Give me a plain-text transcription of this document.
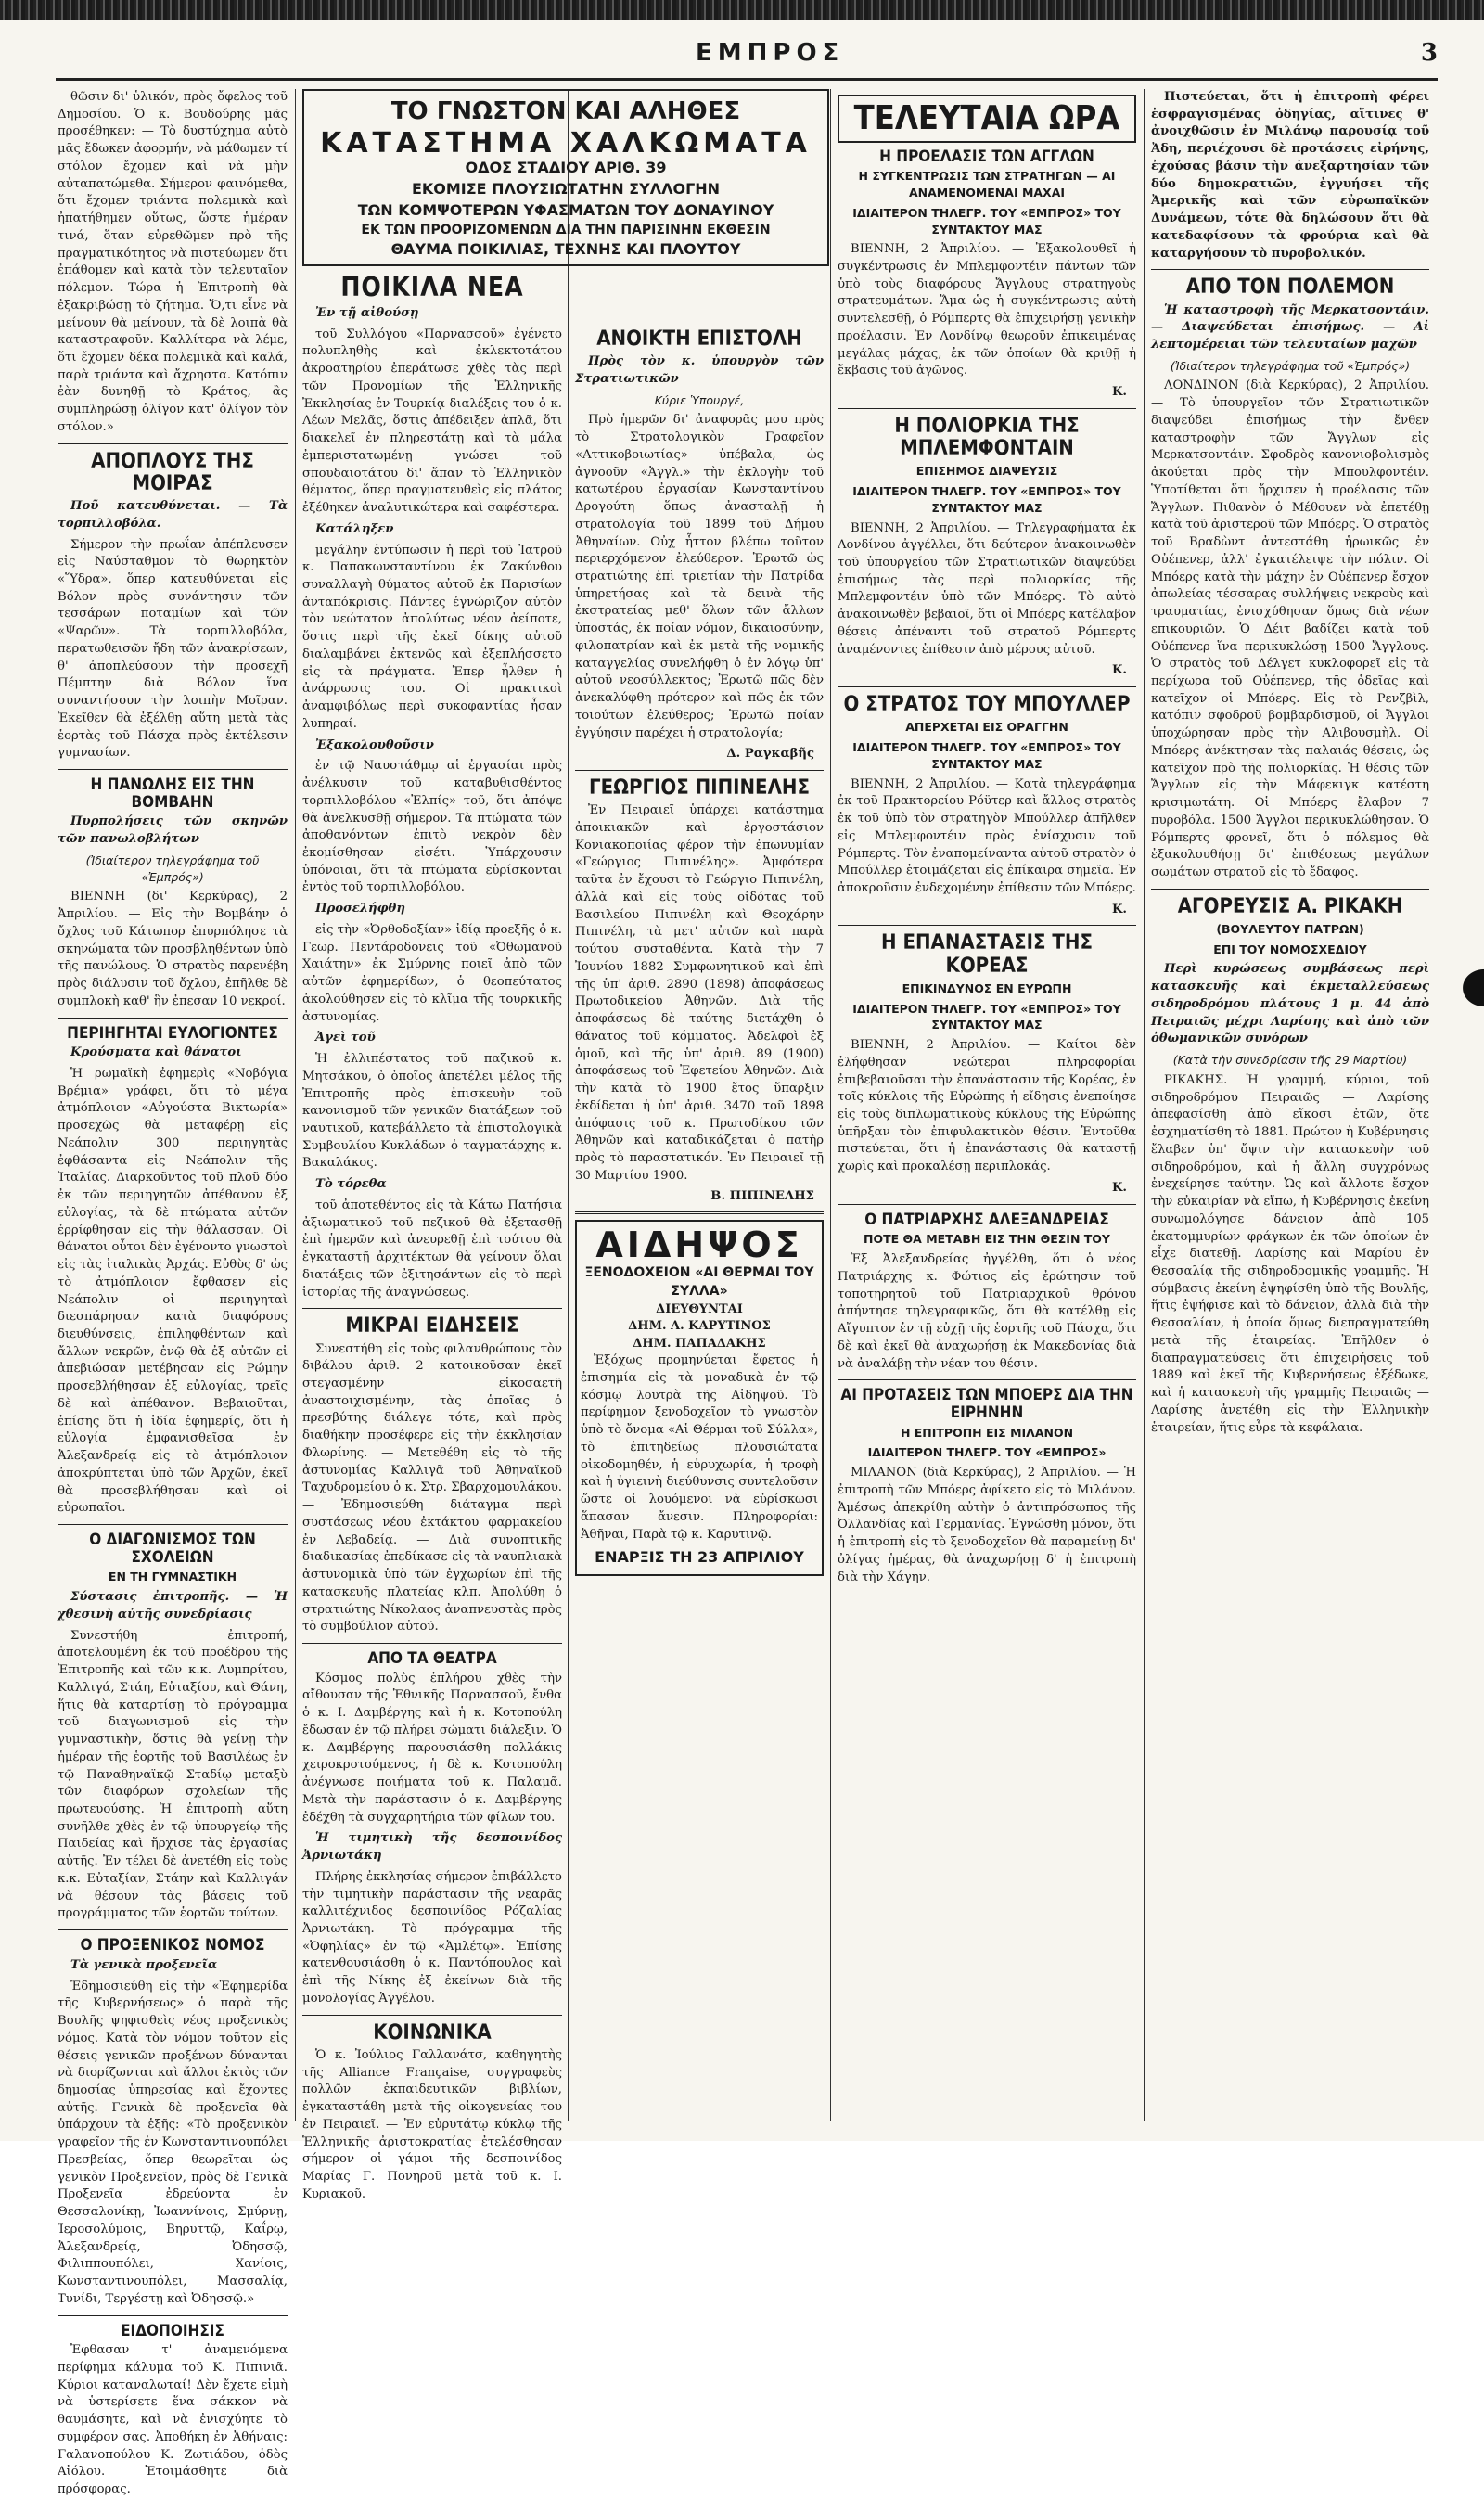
ΕΜΠΡΟΣ	3

θῶσιν δι' ὑλικόν, πρὸς ὄφελος τοῦ Δημοσίου. Ὁ κ. Βουδούρης μᾶς προσέθηκεν: — Τὸ δυστύχημα αὐτὸ μᾶς ἔδωκεν ἀφορμήν, νὰ μάθωμεν τί στόλον ἔχομεν καὶ νὰ μὴν αὐταπατώμεθα. Σήμερον φαινόμεθα, ὅτι ἔχομεν τριάντα πολεμικὰ καὶ ἠπατήθημεν οὕτως, ὥστε ἡμέραν τινά, ὅταν εὑρεθῶμεν πρὸ τῆς πραγματικότητος νὰ πιστεύωμεν ὅτι ἐπάθομεν καὶ κατὰ τὸν τελευταῖον πόλεμον. Τώρα ἡ Ἐπιτροπὴ θὰ ἐξακριβώσῃ τὸ ζήτημα. Ὅ,τι εἶνε νὰ μείνουν θὰ μείνουν, τὰ δὲ λοιπὰ θὰ καταστραφοῦν. Καλλίτερα νὰ λέμε, ὅτι ἔχομεν δέκα πολεμικὰ καὶ καλά, παρὰ τριάντα καὶ ἄχρηστα. Κατόπιν ἐὰν δυνηθῇ τὸ Κράτος, ἂς συμπληρώσῃ ὀλίγον κατ' ὀλίγον τὸν στόλον.»

ΑΠΟΠΛΟΥΣ ΤΗΣ ΜΟΙΡΑΣ

Ποῦ κατευθύνεται. — Τὰ τορπιλλοβόλα.

Σήμερον τὴν πρωΐαν ἀπέπλευσεν εἰς Ναύσταθμον τὸ θωρηκτὸν «Ὕδρα», ὅπερ κατευθύνεται εἰς Βόλον πρὸς συνάντησιν τῶν τεσσάρων ποταμίων καὶ τῶν «Ψαρῶν». Τὰ τορπιλλοβόλα, περατωθεισῶν ἤδη τῶν ἀνακρίσεων, θ' ἀποπλεύσουν τὴν προσεχῆ Πέμπτην διὰ Βόλον ἵνα συναντήσουν τὴν λοιπὴν Μοῖραν. Ἐκεῖθεν θὰ ἐξέλθῃ αὕτη μετὰ τὰς ἑορτὰς τοῦ Πάσχα πρὸς ἐκτέλεσιν γυμνασίων.

Η ΠΑΝΩΛΗΣ ΕΙΣ ΤΗΝ ΒΟΜΒΑΗΝ

Πυρπολήσεις τῶν σκηνῶν τῶν πανωλοβλήτων

(Ἰδιαίτερον τηλεγράφημα τοῦ «Ἐμπρός»)

ΒΙΕΝΝΗ (δι' Κερκύρας), 2 Ἀπριλίου. — Εἰς τὴν Βομβάην ὁ ὄχλος τοῦ Κάτωπορ ἐπυρπόλησε τὰ σκηνώματα τῶν προσβληθέντων ὑπὸ τῆς πανώλους. Ὁ στρατὸς παρενέβη πρὸς διάλυσιν τοῦ ὄχλου, ἐπῆλθε δὲ συμπλοκὴ καθ' ἣν ἐπεσαν 10 νεκροί.

ΠΕΡΙΗΓΗΤΑΙ ΕΥΛΟΓΙΟΝΤΕΣ

Κρούσματα καὶ θάνατοι

Ἡ ρωμαϊκὴ ἐφημερὶς «Νοβόγια Βρέμια» γράφει, ὅτι τὸ μέγα ἀτμόπλοιον «Αὐγούστα Βικτωρία» προσεχῶς θὰ μεταφέρῃ εἰς Νεάπολιν 300 περιηγητὰς ἐφθάσαντα εἰς Νεάπολιν τῆς Ἰταλίας. Διαρκοῦντος τοῦ πλοῦ δύο ἐκ τῶν περιηγητῶν ἀπέθανον ἐξ εὐλογίας, τὰ δὲ πτώματα αὐτῶν ἐρρίφθησαν εἰς τὴν θάλασσαν. Οἱ θάνατοι οὗτοι δὲν ἐγένοντο γνωστοὶ εἰς τὰς ἰταλικὰς Ἀρχάς. Εὐθὺς δ' ὡς τὸ ἀτμόπλοιον ἔφθασεν εἰς Νεάπολιν οἱ περιηγηταὶ διεσπάρησαν κατὰ διαφόρους διευθύνσεις, ἐπιληφθέντων καὶ ἄλλων νεκρῶν, ἐνῷ θὰ ἐξ αὐτῶν εἰ ἀπεβιώσαν μετέβησαν εἰς Ρώμην προσεβλήθησαν ἐξ εὐλογίας, τρεῖς δὲ καὶ ἀπέθανον. Βεβαιοῦται, ἐπίσης ὅτι ἡ ἰδία ἐφημερίς, ὅτι ἡ εὐλογία ἐμφανισθεῖσα ἐν Ἀλεξανδρείᾳ εἰς τὸ ἀτμόπλοιον ἀποκρύπτεται ὑπὸ τῶν Ἀρχῶν, ἐκεῖ θὰ προσεβλήθησαν καὶ οἱ εὐρωπαῖοι.

Ο ΔΙΑΓΩΝΙΣΜΟΣ ΤΩΝ ΣΧΟΛΕΙΩΝ
ΕΝ ΤΗ ΓΥΜΝΑΣΤΙΚΗ

Σύστασις ἐπιτροπῆς. — Ἡ χθεσινὴ αὐτῆς συνεδρίασις

Συνεστήθη ἐπιτροπή, ἀποτελουμένη ἐκ τοῦ προέδρου τῆς Ἐπιτροπῆς καὶ τῶν κ.κ. Λυμπρίτου, Καλλιγά, Στάη, Εὐταξίου, καὶ Θάνη, ἥτις θὰ καταρτίσῃ τὸ πρόγραμμα τοῦ διαγωνισμοῦ εἰς τὴν γυμναστικὴν, ὅστις θὰ γείνῃ τὴν ἡμέραν τῆς ἑορτῆς τοῦ Βασιλέως ἐν τῷ Παναθηναϊκῷ Σταδίῳ μεταξὺ τῶν διαφόρων σχολείων τῆς πρωτευούσης. Ἡ ἐπιτροπὴ αὕτη συνῆλθε χθὲς ἐν τῷ ὑπουργείῳ τῆς Παιδείας καὶ ἤρχισε τὰς ἐργασίας αὐτῆς. Ἐν τέλει δὲ ἀνετέθη εἰς τοὺς κ.κ. Εὐταξίαν, Στάην καὶ Καλλιγάν νὰ θέσουν τὰς βάσεις τοῦ προγράμματος τῶν ἑορτῶν τούτων.

Ο ΠΡΟΞΕΝΙΚΟΣ ΝΟΜΟΣ

Τὰ γενικὰ προξενεῖα

Ἐδημοσιεύθη εἰς τὴν «Ἐφημερίδα τῆς Κυβερνήσεως» ὁ παρὰ τῆς Βουλῆς ψηφισθεὶς νέος προξενικὸς νόμος. Κατὰ τὸν νόμον τοῦτον εἰς θέσεις γενικῶν προξένων δύνανται νὰ διορίζωνται καὶ ἄλλοι ἐκτὸς τῶν δημοσίας ὑπηρεσίας καὶ ἔχοντες αὐτῆς. Γενικὰ δὲ προξενεῖα θὰ ὑπάρχουν τὰ ἑξῆς: «Τὸ προξενικὸν γραφεῖον τῆς ἐν Κωνσταντινουπόλει Πρεσβείας, ὅπερ θεωρεῖται ὡς γενικὸν Προξενεῖον, πρὸς δὲ Γενικὰ Προξενεῖα ἐδρεύοντα ἐν Θεσσαλονίκῃ, Ἰωαννίνοις, Σμύρνῃ, Ἱεροσολύμοις, Βηρυττῷ, Καΐρῳ, Ἀλεξανδρείᾳ, Ὀδησσῷ, Φιλιππουπόλει, Χανίοις, Κωνσταντινουπόλει, Μασσαλίᾳ, Τυνίδι, Τεργέστῃ καὶ Ὀδησσῷ.»

ΕΙΔΟΠΟΙΗΣΙΣ

Ἐφθασαν τ' ἀναμενόμενα περίφημα κάλυμα τοῦ Κ. Πιπινιᾶ. Κύριοι καταναλωταί! Δὲν ἔχετε εἰμὴ νὰ ὑστερίσετε ἕνα σάκκον νὰ θαυμάσητε, καὶ νὰ ἐνισχύητε τὸ συμφέρον σας. Ἀποθήκη ἐν Ἀθήναις: Γαλανοπούλου Κ. Ζωτιάδου, ὁδὸς Αἰόλου. Ἐτοιμάσθητε διὰ πρόσφορας.

ΤΟ ΓΝΩΣΤΟΝ ΚΑΙ ΑΛΗΘΕΣ
ΚΑΤΑΣΤΗΜΑ ΧΑΛΚΩΜΑΤΑ
ΟΔΟΣ ΣΤΑΔΙΟΥ ΑΡΙΘ. 39
ΕΚΟΜΙΣΕ ΠΛΟΥΣΙΩΤΑΤΗΝ ΣΥΛΛΟΓΗΝ
ΤΩΝ ΚΟΜΨΟΤΕΡΩΝ ΥΦΑΣΜΑΤΩΝ ΤΟΥ ΔΟΝΑΥΙΝΟΥ
ΕΚ ΤΩΝ ΠΡΟΟΡΙΖΟΜΕΝΩΝ ΔΙΑ ΤΗΝ ΠΑΡΙΣΙΝΗΝ ΕΚΘΕΣΙΝ
ΘΑΥΜΑ ΠΟΙΚΙΛΙΑΣ, ΤΕΧΝΗΣ ΚΑΙ ΠΛΟΥΤΟΥ
ΠΟΙΚΙΛΑ ΝΕΑ

Ἐν τῇ αἰθούσῃ

τοῦ Συλλόγου «Παρνασσοῦ» ἐγένετο πολυπληθὴς καὶ ἐκλεκτοτάτου ἀκροατηρίου ἐπεράτωσε χθὲς τὰς περὶ τῶν Προνομίων τῆς Ἑλληνικῆς Ἐκκλησίας ἐν Τουρκίᾳ διαλέξεις του ὁ κ. Λέων Μελᾶς, ὅστις ἀπέδειξεν ἁπλᾶ, ὅτι διακελεῖ ἐν πληρεστάτῃ καὶ τὰ μάλα ἐμπεριστατωμένῃ γνώσει τοῦ σπουδαιοτάτου δι' ἅπαν τὸ Ἑλληνικὸν θέματος, ὅπερ πραγματευθεὶς εἰς πλάτος ἐξέθηκεν ἀναλυτικώτερα καὶ σαφέστερα.

Κατάληξεν

μεγάλην ἐντύπωσιν ἡ περὶ τοῦ Ἰατροῦ κ. Παπακωνσταντίνου ἐκ Ζακύνθου συναλλαγὴ θύματος αὐτοῦ ἐκ Παρισίων ἀνταπόκρισις. Πάντες ἐγνώριζον αὐτὸν τὸν νεώτατον ἀπολύτως νέον ἀείποτε, ὅστις περὶ τῆς ἐκεῖ δίκης αὐτοῦ διαλαμβάνει ἐκτενῶς καὶ ἐξεπλήσσετο εἰς τὰ πράγματα. Ἐπερ ἦλθεν ἡ ἀνάρρωσις του. Οἱ πρακτικοὶ ἀναμφιβόλως περὶ συκοφαντίας ἦσαν λυπηραί.

Ἐξακολουθοῦσιν

ἐν τῷ Ναυστάθμῳ αἱ ἐργασίαι πρὸς ἀνέλκυσιν τοῦ καταβυθισθέντος τορπιλλοβόλου «Ἐλπίς» τοῦ, ὅτι ἀπόψε θὰ ἀνελκυσθῇ σήμερον. Τὰ πτώματα τῶν ἀποθανόντων ἐπιτὸ νεκρὸν δὲν ἐκομίσθησαν εἰσέτι. Ὑπάρχουσιν ὑπόνοιαι, ὅτι τὰ πτώματα εὑρίσκονται ἐντὸς τοῦ τορπιλλοβόλου.

Προσελήφθη

εἰς τὴν «Ὀρθοδοξίαν» ἰδίᾳ προεξῆς ὁ κ. Γεωρ. Πεντάροδονεις τοῦ «Ὀθωμανοῦ Χαιάτην» ἐκ Σμύρνης ποιεῖ ἀπὸ τῶν αὐτῶν ἐφημερίδων, ὁ θεοπεύτατος ἀκολούθησεν εἰς τὸ κλῖμα τῆς τουρκικῆς ἀστυνομίας.

Ἀγεὶ τοῦ

Ἡ ἐλλιπέστατος τοῦ παζικοῦ κ. Μητσάκου, ὁ ὁποῖος ἀπετέλει μέλος τῆς Ἐπιτροπῆς πρὸς ἐπισκευὴν τοῦ κανονισμοῦ τῶν γενικῶν διατάξεων τοῦ ναυτικοῦ, κατεβάλλετο τὰ ἐπιστολογικὰ Συμβουλίου Κυκλάδων ὁ ταγματάρχης κ. Βακαλάκος.

Τὸ τόρεθα

τοῦ ἀποτεθέντος εἰς τὰ Κάτω Πατήσια ἀξιωματικοῦ τοῦ πεζικοῦ θὰ ἐξετασθῇ ἐπὶ ἡμερῶν καὶ ἀνευρεθῇ ἐπὶ τούτου θὰ ἐγκαταστῇ ἀρχιτέκτων θὰ γείνουν ὅλαι διατάξεις τῶν ἐξιτησάντων εἰς τὸ περὶ ἱστορίας τῆς ἀναγνώσεως.

ΜΙΚΡΑΙ ΕΙΔΗΣΕΙΣ

Συνεστήθη εἰς τοὺς φιλανθρώπους τὸν διβάλου ἀριθ. 2 κατοικοῦσαν ἐκεῖ στεγασμένην εἰκοσαετῆ ἀναστοιχισμένην, τὰς ὁποῖας ὁ πρεσβύτης διάλεγε τότε, καὶ πρὸς διαθήκην προσέφερε εἰς τὴν ἐκκλησίαν Φλωρίνης. — Μετεθέθη εἰς τὸ τῆς ἀστυνομίας Καλλιγᾶ τοῦ Ἀθηναϊκοῦ Ταχυδρομείου ὁ κ. Στρ. Σβαρχομουλάκου. — Ἐδημοσιεύθη διάταγμα περὶ συστάσεως νέου ἐκτάκτου φαρμακείου ἐν Λεβαδείᾳ. — Διὰ συνοπτικῆς διαδικασίας ἐπεδίκασε εἰς τὰ ναυπλιακὰ ἀστυνομικὰ ὑπὸ τῶν ἐγχωρίων ἐπὶ τῆς κατασκευῆς πλατείας κλπ. Ἀπολύθη ὁ στρατιώτης Νίκολαος ἀναπνευστὰς πρὸς τὸ συμβούλιον αὐτοῦ.

ΑΠΟ ΤΑ ΘΕΑΤΡΑ

Κόσμος πολὺς ἐπλήρου χθὲς τὴν αἴθουσαν τῆς Ἐθνικῆς Παρνασσοῦ, ἔνθα ὁ κ. Ι. Δαμβέργης καὶ ἡ κ. Κοτοπούλη ἔδωσαν ἐν τῷ πλήρει σώματι διάλεξιν. Ὁ κ. Δαμβέργης παρουσιάσθη πολλάκις χειροκροτούμενος, ἡ δὲ κ. Κοτοπούλη ἀνέγνωσε ποιήματα τοῦ κ. Παλαμᾶ. Μετὰ τὴν παράστασιν ὁ κ. Δαμβέργης ἐδέχθη τὰ συγχαρητήρια τῶν φίλων του.

Ἡ τιμητικὴ τῆς δεσποινίδος Ἀρνιωτάκη

Πλήρης ἐκκλησίας σήμερον ἐπιβάλλετο τὴν τιμητικὴν παράστασιν τῆς νεαρᾶς καλλιτέχνιδος δεσποινίδος Ρόζαλίας Ἀρνιωτάκη. Τὸ πρόγραμμα τῆς «Ὀφηλίας» ἐν τῷ «Ἀμλέτῳ». Ἐπίσης κατενθουσιάσθη ὁ κ. Παντόπουλος καὶ ἐπὶ τῆς Νίκης ἐξ ἐκείνων διὰ τῆς μονολογίας Ἀγγέλου.

ΚΟΙΝΩΝΙΚΑ

Ὁ κ. Ἰούλιος Γαλλανάτσ, καθηγητὴς τῆς Alliance Française, συγγραφεὺς πολλῶν ἐκπαιδευτικῶν βιβλίων, ἐγκαταστάθη μετὰ τῆς οἰκογενείας του ἐν Πειραιεῖ. — Ἐν εὐρυτάτῳ κύκλῳ τῆς Ἑλληνικῆς ἀριστοκρατίας ἐτελέσθησαν σήμερον οἱ γάμοι τῆς δεσποινίδος Μαρίας Γ. Πονηροῦ μετὰ τοῦ κ. Ι. Κυριακοῦ.

ΑΝΟΙΚΤΗ ΕΠΙΣΤΟΛΗ

Πρὸς τὸν κ. ὑπουργὸν τῶν Στρατιωτικῶν

Κύριε Ὑπουργέ,

Πρὸ ἡμερῶν δι' ἀναφορᾶς μου πρὸς τὸ Στρατολογικὸν Γραφεῖον «Αττικοβοιωτίας» ὑπέβαλα, ὡς ἀγνοοῦν «Ἀγγλ.» τὴν ἐκλογὴν τοῦ κατωτέρου ἐργασίαν Κωνσταντίνου Δρογούτη ὅπως ἀνασταλῇ ἡ στρατολογία τοῦ 1899 τοῦ Δήμου Ἀθηναίων. Οὐχ ἧττον βλέπω τοῦτον περιερχόμενον ἐλεύθερον. Ἐρωτῶ ὡς στρατιώτης ἐπὶ τριετίαν τὴν Πατρίδα ὑπηρετήσας καὶ τὰ δεινὰ τῆς ἐκστρατείας μεθ' ὅλων τῶν ἄλλων ὑποστάς, ἐκ ποίαν νόμον, δικαιοσύνην, φιλοπατρίαν καὶ ἐκ μετὰ τῆς νομικῆς καταγγελίας συνελήφθη ὁ ἐν λόγῳ ὑπ' αὐτοῦ νεοσύλλεκτος; Ἐρωτῶ πῶς δὲν ἀνεκαλύφθη πρότερον καὶ πῶς ἐκ τῶν τοιούτων ἐλεύθερος; Ἐρωτῶ ποίαν ἐγγύησιν παρέχει ἡ στρατολογία;

Δ. Ραγκαβῆς
ΓΕΩΡΓΙΟΣ ΠΙΠΙΝΕΛΗΣ

Ἐν Πειραιεῖ ὑπάρχει κατάστημα ἀποικιακῶν καὶ ἐργοστάσιον Κονιακοποιίας φέρον τὴν ἐπωνυμίαν «Γεώργιος Πιπινέλης». Ἀμφότερα ταῦτα ἐν ἔχουσι τὸ Γεώργιο Πιπινέλη, ἀλλὰ καὶ εἰς τοὺς οἰδότας τοῦ Βασιλείου Πιπινέλη καὶ Θεοχάρην Πιπινέλη, τὰ μετ' αὐτῶν καὶ παρὰ τούτου συσταθέντα. Κατὰ τὴν 7 Ἰουνίου 1882 Συμφωνητικοῦ καὶ ἐπὶ τῆς ὑπ' ἀριθ. 2890 (1898) ἀποφάσεως Πρωτοδικείου Ἀθηνῶν. Διὰ τῆς ἀποφάσεως δὲ ταύτης διετάχθη ὁ θάνατος τοῦ κόμματος. Ἀδελφοὶ ἐξ ὁμοῦ, καὶ τῆς ὑπ' ἀριθ. 89 (1900) ἀποφάσεως τοῦ Ἐφετείου Ἀθηνῶν. Διὰ τὴν κατὰ τὸ 1900 ἔτος ὕπαρξιν ἐκδίδεται ἡ ὑπ' ἀριθ. 3470 τοῦ 1898 ἀπόφασις τοῦ κ. Πρωτοδίκου τῶν Ἀθηνῶν καὶ καταδικάζεται ὁ πατὴρ πρὸς τὸ παραστατικόν. Ἐν Πειραιεῖ τῇ 30 Μαρτίου 1900.

Β. ΠΙΠΙΝΕΛΗΣ
ΑΙΔΗΨΟΣ
ΞΕΝΟΔΟΧΕΙΟΝ «ΑΙ ΘΕΡΜΑΙ ΤΟΥ ΣΥΛΛΑ»
ΔΙΕΥΘΥΝΤΑΙ
ΔΗΜ. Λ. ΚΑΡΥΤΙΝΟΣ
ΔΗΜ. ΠΑΠΑΔΑΚΗΣ

Ἐξόχως προμηνύεται ἔφετος ἡ ἐπισημία εἰς τὰ μοναδικὰ ἐν τῷ κόσμῳ λουτρὰ τῆς Αἰδηψοῦ. Τὸ περίφημον ξενοδοχεῖον τὸ γνωστὸν ὑπὸ τὸ ὄνομα «Αἱ Θέρμαι τοῦ Σύλλα», τὸ ἐπιτηδείως πλουσιώτατα οἰκοδομηθέν, ἡ εὐρυχωρία, ἡ τροφὴ καὶ ἡ ὑγιεινὴ διεύθυνσις συντελοῦσιν ὥστε οἱ λουόμενοι νὰ εὑρίσκωσι ἅπασαν ἄνεσιν. Πληροφορίαι: Ἀθῆναι, Παρὰ τῷ κ. Καρυτινῷ.

ΕΝΑΡΞΙΣ ΤΗ 23 ΑΠΡΙΛΙΟΥ
ΤΕΛΕΥΤΑΙΑ ΩΡΑ
Η ΠΡΟΕΛΑΣΙΣ ΤΩΝ ΑΓΓΛΩΝ
Η ΣΥΓΚΕΝΤΡΩΣΙΣ ΤΩΝ ΣΤΡΑΤΗΓΩΝ — ΑΙ ΑΝΑΜΕΝΟΜΕΝΑΙ ΜΑΧΑΙ
ΙΔΙΑΙΤΕΡΟΝ ΤΗΛΕΓΡ. ΤΟΥ «ΕΜΠΡΟΣ» ΤΟΥ ΣΥΝΤΑΚΤΟΥ ΜΑΣ

ΒΙΕΝΝΗ, 2 Ἀπριλίου. — Ἐξακολουθεῖ ἡ συγκέντρωσις ἐν Μπλεμφοντέιν πάντων τῶν ὑπὸ τοὺς διαφόρους Ἄγγλους στρατηγοὺς στρατευμάτων. Ἅμα ὡς ἡ συγκέντρωσις αὐτὴ συντελεσθῇ, ὁ Ρόμπερτς θὰ ἐπιχειρήσῃ γενικὴν προέλασιν. Ἐν Λονδίνῳ θεωροῦν ἐπικειμένας μεγάλας μάχας, ἐκ τῶν ὁποίων θὰ κριθῇ ἡ ἔκβασις τοῦ ἀγῶνος.

Κ.
Η ΠΟΛΙΟΡΚΙΑ ΤΗΣ ΜΠΛΕΜΦΟΝΤΑΙΝ
ΕΠΙΣΗΜΟΣ ΔΙΑΨΕΥΣΙΣ
ΙΔΙΑΙΤΕΡΟΝ ΤΗΛΕΓΡ. ΤΟΥ «ΕΜΠΡΟΣ» ΤΟΥ ΣΥΝΤΑΚΤΟΥ ΜΑΣ

ΒΙΕΝΝΗ, 2 Ἀπριλίου. — Τηλεγραφήματα ἐκ Λονδίνου ἀγγέλλει, ὅτι δεύτερον ἀνακοινωθὲν τοῦ ὑπουργείου τῶν Στρατιωτικῶν διαψεύδει ἐπισήμως τὰς περὶ πολιορκίας τῆς Μπλεμφοντέιν ὑπὸ τῶν Μπόερς. Τὸ αὐτὸ ἀνακοινωθὲν βεβαιοῖ, ὅτι οἱ Μπόερς κατέλαβον θέσεις ἀπέναντι τοῦ στρατοῦ Ρόμπερτς ἀναμένοντες ἐπίθεσιν ἀπὸ μέρους αὐτοῦ.

Κ.
Ο ΣΤΡΑΤΟΣ ΤΟΥ ΜΠΟΥΛΛΕΡ
ΑΠΕΡΧΕΤΑΙ ΕΙΣ ΟΡΑΓΓΗΝ
ΙΔΙΑΙΤΕΡΟΝ ΤΗΛΕΓΡ. ΤΟΥ «ΕΜΠΡΟΣ» ΤΟΥ ΣΥΝΤΑΚΤΟΥ ΜΑΣ

ΒΙΕΝΝΗ, 2 Ἀπριλίου. — Κατὰ τηλεγράφημα ἐκ τοῦ Πρακτορείου Ρόϋτερ καὶ ἄλλος στρατὸς ἐκ τοῦ ὑπὸ τὸν στρατηγὸν Μπούλλερ ἀπῆλθεν εἰς Μπλεμφοντέιν πρὸς ἐνίσχυσιν τοῦ Ρόμπερτς. Τὸν ἐναπομείναντα αὐτοῦ στρατὸν ὁ Μπούλλερ ἑτοιμάζεται εἰς ἐπίκαιρα σημεῖα. Ἐν ἀποκροῦσιν ἐνδεχομένην ἐπίθεσιν τῶν Μπόερς.

Κ.
Η ΕΠΑΝΑΣΤΑΣΙΣ ΤΗΣ ΚΟΡΕΑΣ
ΕΠΙΚΙΝΔΥΝΟΣ ΕΝ ΕΥΡΩΠΗ
ΙΔΙΑΙΤΕΡΟΝ ΤΗΛΕΓΡ. ΤΟΥ «ΕΜΠΡΟΣ» ΤΟΥ ΣΥΝΤΑΚΤΟΥ ΜΑΣ

ΒΙΕΝΝΗ, 2 Ἀπριλίου. — Καίτοι δὲν ἐλήφθησαν νεώτεραι πληροφορίαι ἐπιβεβαιοῦσαι τὴν ἐπανάστασιν τῆς Κορέας, ἐν τοῖς κύκλοις τῆς Εὐρώπης ἡ εἴδησις ἐνεποίησε εἰς τοὺς διπλωματικοὺς κύκλους τῆς Εὐρώπης ὑπῆρξαν τὸν ἐπιφυλακτικὸν θέσιν. Ἐντοῦθα πιστεύεται, ὅτι ἡ ἐπανάστασις θὰ καταστῇ χωρὶς καὶ προκαλέσῃ περιπλοκάς.

Κ.
Ο ΠΑΤΡΙΑΡΧΗΣ ΑΛΕΞΑΝΔΡΕΙΑΣ
ΠΟΤΕ ΘΑ ΜΕΤΑΒΗ ΕΙΣ ΤΗΝ ΘΕΣΙΝ ΤΟΥ

Ἐξ Ἀλεξανδρείας ἠγγέλθη, ὅτι ὁ νέος Πατριάρχης κ. Φώτιος εἰς ἐρώτησιν τοῦ τοποτηρητοῦ τοῦ Πατριαρχικοῦ θρόνου ἀπήντησε τηλεγραφικῶς, ὅτι θὰ κατέλθῃ εἰς Αἴγυπτον ἐν τῇ εὐχῇ τῆς ἑορτῆς τοῦ Πάσχα, ὅτι δὲ καὶ ἐκεῖ θὰ ἀναχωρήσῃ ἐκ Μακεδονίας διὰ νὰ ἀναλάβῃ τὴν νέαν του θέσιν.

ΑΙ ΠΡΟΤΑΣΕΙΣ ΤΩΝ ΜΠΟΕΡΣ ΔΙΑ ΤΗΝ ΕΙΡΗΝΗΝ
Η ΕΠΙΤΡΟΠΗ ΕΙΣ ΜΙΛΑΝΟΝ
ΙΔΙΑΙΤΕΡΟΝ ΤΗΛΕΓΡ. ΤΟΥ «ΕΜΠΡΟΣ»

ΜΙΛΑΝΟΝ (διὰ Κερκύρας), 2 Ἀπριλίου. — Ἡ ἐπιτροπὴ τῶν Μπόερς ἀφίκετο εἰς τὸ Μιλάνον. Ἀμέσως ἀπεκρίθη αὐτὴν ὁ ἀντιπρόσωπος τῆς Ὀλλανδίας καὶ Γερμανίας. Ἐγνώσθη μόνον, ὅτι ἡ ἐπιτροπὴ εἰς τὸ ξενοδοχεῖον θὰ παραμείνῃ δι' ὀλίγας ἡμέρας, θὰ ἀναχωρήσῃ δ' ἡ ἐπιτροπὴ διὰ τὴν Χάγην.

Πιστεύεται, ὅτι ἡ ἐπιτροπὴ φέρει ἐσφραγισμένας ὁδηγίας, αἵτινες θ' ἀνοιχθῶσιν ἐν Μιλάνῳ παρουσίᾳ τοῦ Ἀδη, περιέχουσι δὲ προτάσεις εἰρήνης, ἐχούσας βάσιν τὴν ἀνεξαρτησίαν τῶν δύο δημοκρατιῶν, ἐγγυήσει τῆς Ἀμερικῆς καὶ τῶν εὐρωπαϊκῶν Δυνάμεων, τότε θὰ δηλώσουν ὅτι θὰ κατεδαφίσουν τὰ φρούρια καὶ θὰ καταργήσουν τὸ πυροβολικόν.

ΑΠΟ ΤΟΝ ΠΟΛΕΜΟΝ

Ἡ καταστροφὴ τῆς Μερκατσοντάιν. — Διαψεύδεται ἐπισήμως. — Αἱ λεπτομέρειαι τῶν τελευταίων μαχῶν

(Ἰδιαίτερον τηλεγράφημα τοῦ «Ἐμπρός»)

ΛΟΝΔΙΝΟΝ (διὰ Κερκύρας), 2 Ἀπριλίου. — Τὸ ὑπουργεῖον τῶν Στρατιωτικῶν διαψεύδει ἐπισήμως τὴν ἔνθεν καταστροφὴν τῶν Ἄγγλων εἰς Μερκατσοντάιν. Σφοδρὸς κανονιοβολισμὸς ἀκούεται πρὸς τὴν Μπουλφοντέιν. Ὑποτίθεται ὅτι ἤρχισεν ἡ προέλασις τῶν Ἄγγλων. Πιθανὸν ὁ Μέθουεν νὰ ἐπετέθῃ κατὰ τοῦ ἀριστεροῦ τῶν Μπόερς. Ὁ στρατὸς τοῦ Βραδὼντ ἀντεστάθη ἡρωικῶς ἐν Οὐέπενερ, ἀλλ' ἐγκατέλειψε τὴν πόλιν. Οἱ Μπόερς κατὰ τὴν μάχην ἐν Οὐέπενερ ἔσχον ἀπωλείας τέσσαρας συλλήψεις νεκροὺς καὶ τραυματίας, ἐνισχύθησαν ὅμως διὰ νέων επικουριῶν. Ὁ Δέιτ βαδίζει κατὰ τοῦ Οὐέπενερ ἵνα περικυκλώσῃ 1500 Ἄγγλους. Ὁ στρατὸς τοῦ Δέλγετ κυκλοφορεῖ εἰς τὰ περίχωρα τοῦ Οὐέπενερ, τῆς ὁδεῖας καὶ κατεῖχον οἱ Μπόερς. Εἰς τὸ Ρενζβὶλ, κατόπιν σφοδροῦ βομβαρδισμοῦ, οἱ Ἄγγλοι ὑποχώρησαν πρὸς τὴν Αλιβουσμὴλ. Οἱ Μπόερς ἀνέκτησαν τὰς παλαιάς θέσεις, ὡς κατεῖχον πρὸ τῆς πολιορκίας. Ἡ θέσις τῶν Ἄγγλων εἰς τὴν Μάφεκιγκ κατέστη κρισιμωτάτη. Οἱ Μπόερς ἔλαβον 7 πυροβόλα. 1500 Ἄγγλοι περικυκλώθησαν. Ὁ Ρόμπερτς φρονεῖ, ὅτι ὁ πόλεμος θὰ ἐξακολουθήσῃ δι' ἐπιθέσεως μεγάλων σωμάτων στρατοῦ εἰς τὸ ἔδαφος.

ΑΓΟΡΕΥΣΙΣ Α. ΡΙΚΑΚΗ
(ΒΟΥΛΕΥΤΟΥ ΠΑΤΡΩΝ)
ΕΠΙ ΤΟΥ ΝΟΜΟΣΧΕΔΙΟΥ

Περὶ κυρώσεως συμβάσεως περὶ κατασκευῆς καὶ ἐκμεταλλεύσεως σιδηροδρόμου πλάτους 1 μ. 44 ἀπὸ Πειραιῶς μέχρι Λαρίσης καὶ ἀπὸ τῶν ὀθωμανικῶν συνόρων

(Κατὰ τὴν συνεδρίασιν τῆς 29 Μαρτίου)

ΡΙΚΑΚΗΣ. Ἡ γραμμή, κύριοι, τοῦ σιδηροδρόμου Πειραιῶς — Λαρίσης ἀπεφασίσθη ἀπὸ εἴκοσι ἐτῶν, ὅτε ἐσχηματίσθη τὸ 1881. Πρώτον ἡ Κυβέρνησις ἔλαβεν ὑπ' ὄψιν τὴν κατασκευὴν τοῦ σιδηροδρόμου, καὶ ἡ ἄλλη συγχρόνως ἐνεχείρησε ταύτην. Ὡς καὶ ἄλλοτε ἔσχον τὴν εὐκαιρίαν νὰ εἴπω, ἡ Κυβέρνησις ἐκείνη συνωμολόγησε δάνειον ἀπὸ 105 ἑκατομμυρίων φράγκων ἐκ τῶν ὁποίων ἐν εἶχε διατεθῇ. Λαρίσης καὶ Μαρίου ἐν Θεσσαλίᾳ τῆς σιδηροδρομικῆς γραμμῆς. Ἡ σύμβασις ἐκείνη ἐψηφίσθη ὑπὸ τῆς Βουλῆς, ἥτις ἐψήφισε καὶ τὸ δάνειον, ἀλλὰ διὰ τὴν Θεσσαλίαν, ἡ ὁποία ὅμως διεπραγματεύθη μετὰ τῆς ἑταιρείας. Ἐπῆλθεν ὁ διαπραγματεύσεις ὅτι ἐπιχειρήσεις τοῦ 1889 καὶ ἐκεῖ τῆς Κυβερνήσεως ἐξέδωκε, καὶ ἡ κατασκευὴ τῆς γραμμῆς Πειραιῶς — Λαρίσης ἀνετέθη εἰς τὴν Ἑλληνικὴν ἑταιρείαν, ἥτις εὗρε τὰ κεφάλαια.
